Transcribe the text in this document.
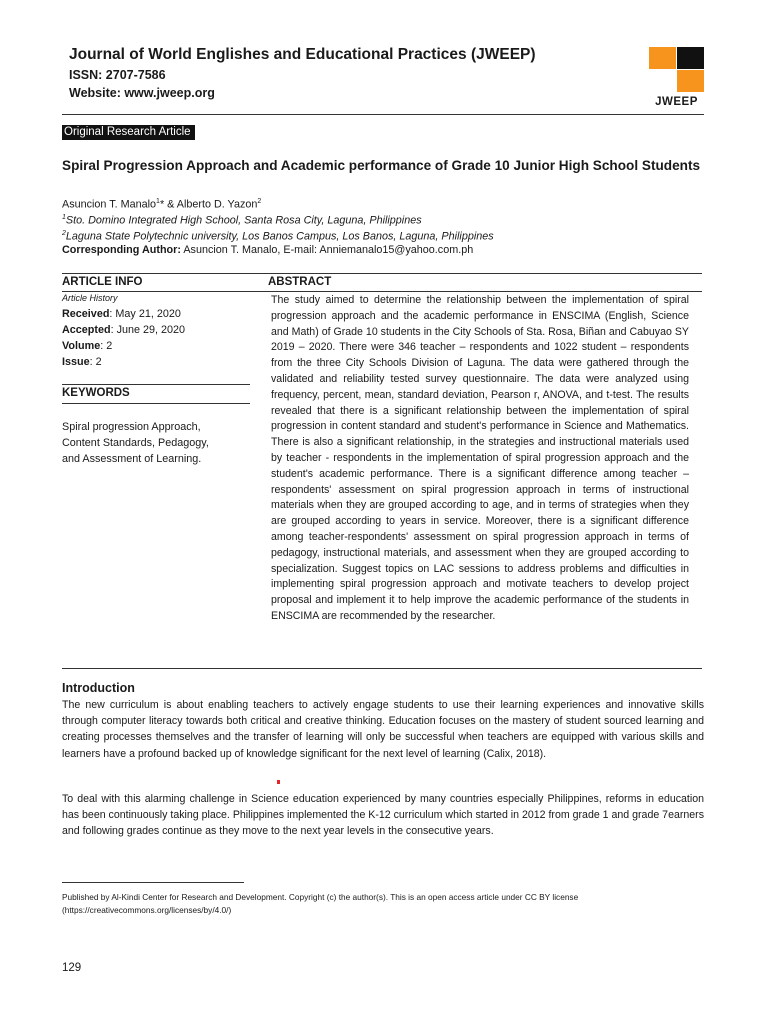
Journal of World Englishes and Educational Practices (JWEEP)
ISSN: 2707-7586
Website: www.jweep.org
JWEEP
Original Research Article
Spiral Progression Approach and Academic performance of Grade 10 Junior High School Students
Asuncion T. Manalo$^1$* & Alberto D. Yazon$^2$
$^1$Sto. Domino Integrated High School, Santa Rosa City, Laguna, Philippines
$^2$Laguna State Polytechnic university, Los Banos Campus, Los Banos, Laguna, Philippines
Corresponding Author: Asuncion T. Manalo, E-mail: Anniemanalo15@yahoo.com.ph
ARTICLE INFO	ABSTRACT
Article History
Received: May 21, 2020
Accepted: June 29, 2020
Volume: 2
Issue: 2
KEYWORDS
Spiral progression Approach,
Content Standards, Pedagogy,
and Assessment of Learning.
The study aimed to determine the relationship between the implementation of spiral progression approach and the academic performance in ENSCIMA (English, Science and Math) of Grade 10 students in the City Schools of Sta. Rosa, Biñan and Cabuyao SY 2019 – 2020. There were 346 teacher – respondents and 1022 student – respondents from the three City Schools Division of Laguna. The data were gathered through the validated and reliability tested survey questionnaire. The data were analyzed using frequency, percent, mean, standard deviation, Pearson r, ANOVA, and t-test. The results revealed that there is a significant relationship between the implementation of spiral progression in content standard and student's performance in Science and Mathematics. There is also a significant relationship, in the strategies and instructional materials used by teacher - respondents in the implementation of spiral progression approach and the student's academic performance. There is a significant difference among teacher – respondents' assessment on spiral progression approach in terms of instructional materials when they are grouped according to age, and in terms of strategies when they are grouped according to years in service. Moreover, there is a significant difference among teacher-respondents' assessment on spiral progression approach in terms of pedagogy, instructional materials, and assessment when they are grouped according to specialization. Suggest topics on LAC sessions to address problems and difficulties in implementing spiral progression approach and motivate teachers to develop project proposal and implement it to help improve the academic performance of the students in ENSCIMA are recommended by the researcher.
Introduction
The new curriculum is about enabling teachers to actively engage students to use their learning experiences and innovative skills through computer literacy towards both critical and creative thinking. Education focuses on the mastery of student sourced learning and creating processes themselves and the transfer of learning will only be successful when teachers are equipped with various skills and learners have a profound backed up of knowledge significant for the next level of learning (Calix, 2018).
To deal with this alarming challenge in Science education experienced by many countries especially Philippines, reforms in education has been continuously taking place. Philippines implemented the K-12 curriculum which started in 2012 from grade 1 and grade 7earners and following grades continue as they move to the next year levels in the consecutive years.
Published by Al-Kindi Center for Research and Development. Copyright (c) the author(s). This is an open access article under CC BY license
(https://creativecommons.org/licenses/by/4.0/)
129
